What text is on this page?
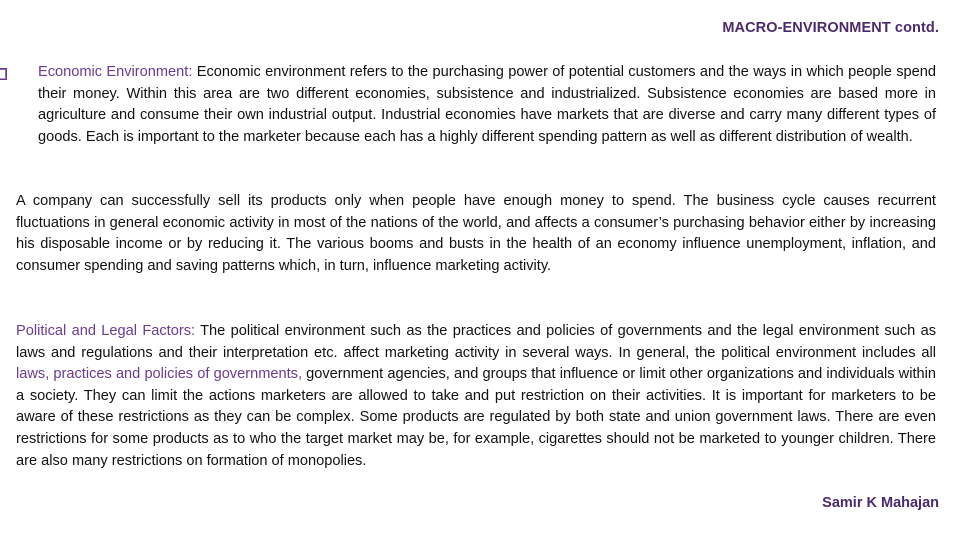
MACRO-ENVIRONMENT contd.

Economic Environment: Economic environment refers to the purchasing power of potential customers and the ways in which people spend their money. Within this area are two different economies, subsistence and industrialized. Subsistence economies are based more in agriculture and consume their own industrial output. Industrial economies have markets that are diverse and carry many different types of goods. Each is important to the marketer because each has a highly different spending pattern as well as different distribution of wealth.

A company can successfully sell its products only when people have enough money to spend. The business cycle causes recurrent fluctuations in general economic activity in most of the nations of the world, and affects a consumer’s purchasing behavior either by increasing his disposable income or by reducing it. The various booms and busts in the health of an economy influence unemployment, inflation, and consumer spending and saving patterns which, in turn, influence marketing activity.

Political and Legal Factors: The political environment such as the practices and policies of governments and the legal environment such as laws and regulations and their interpretation etc. affect marketing activity in several ways. In general, the political environment includes all laws, practices and policies of governments, government agencies, and groups that influence or limit other organizations and individuals within a society. They can limit the actions marketers are allowed to take and put restriction on their activities. It is important for marketers to be aware of these restrictions as they can be complex. Some products are regulated by both state and union government laws. There are even restrictions for some products as to who the target market may be, for example, cigarettes should not be marketed to younger children. There are also many restrictions on formation of monopolies.

Samir K Mahajan
